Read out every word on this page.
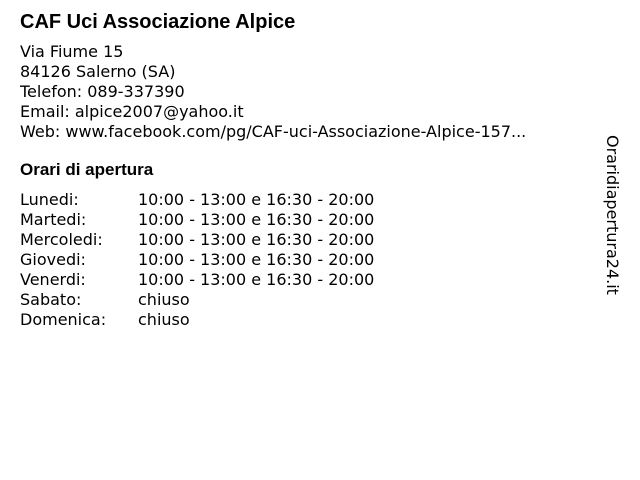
CAF Uci Associazione Alpice
Via Fiume 15
84126 Salerno (SA)
Telefon: 089-337390
Email: alpice2007@yahoo.it
Web: www.facebook.com/pg/CAF-uci-Associazione-Alpice-157...
Orari di apertura
Lunedi:	10:00 - 13:00 e 16:30 - 20:00
Martedi:	10:00 - 13:00 e 16:30 - 20:00
Mercoledi:	10:00 - 13:00 e 16:30 - 20:00
Giovedi:	10:00 - 13:00 e 16:30 - 20:00
Venerdi:	10:00 - 13:00 e 16:30 - 20:00
Sabato:	chiuso
Domenica:	chiuso
Oraridiapertura24.it
